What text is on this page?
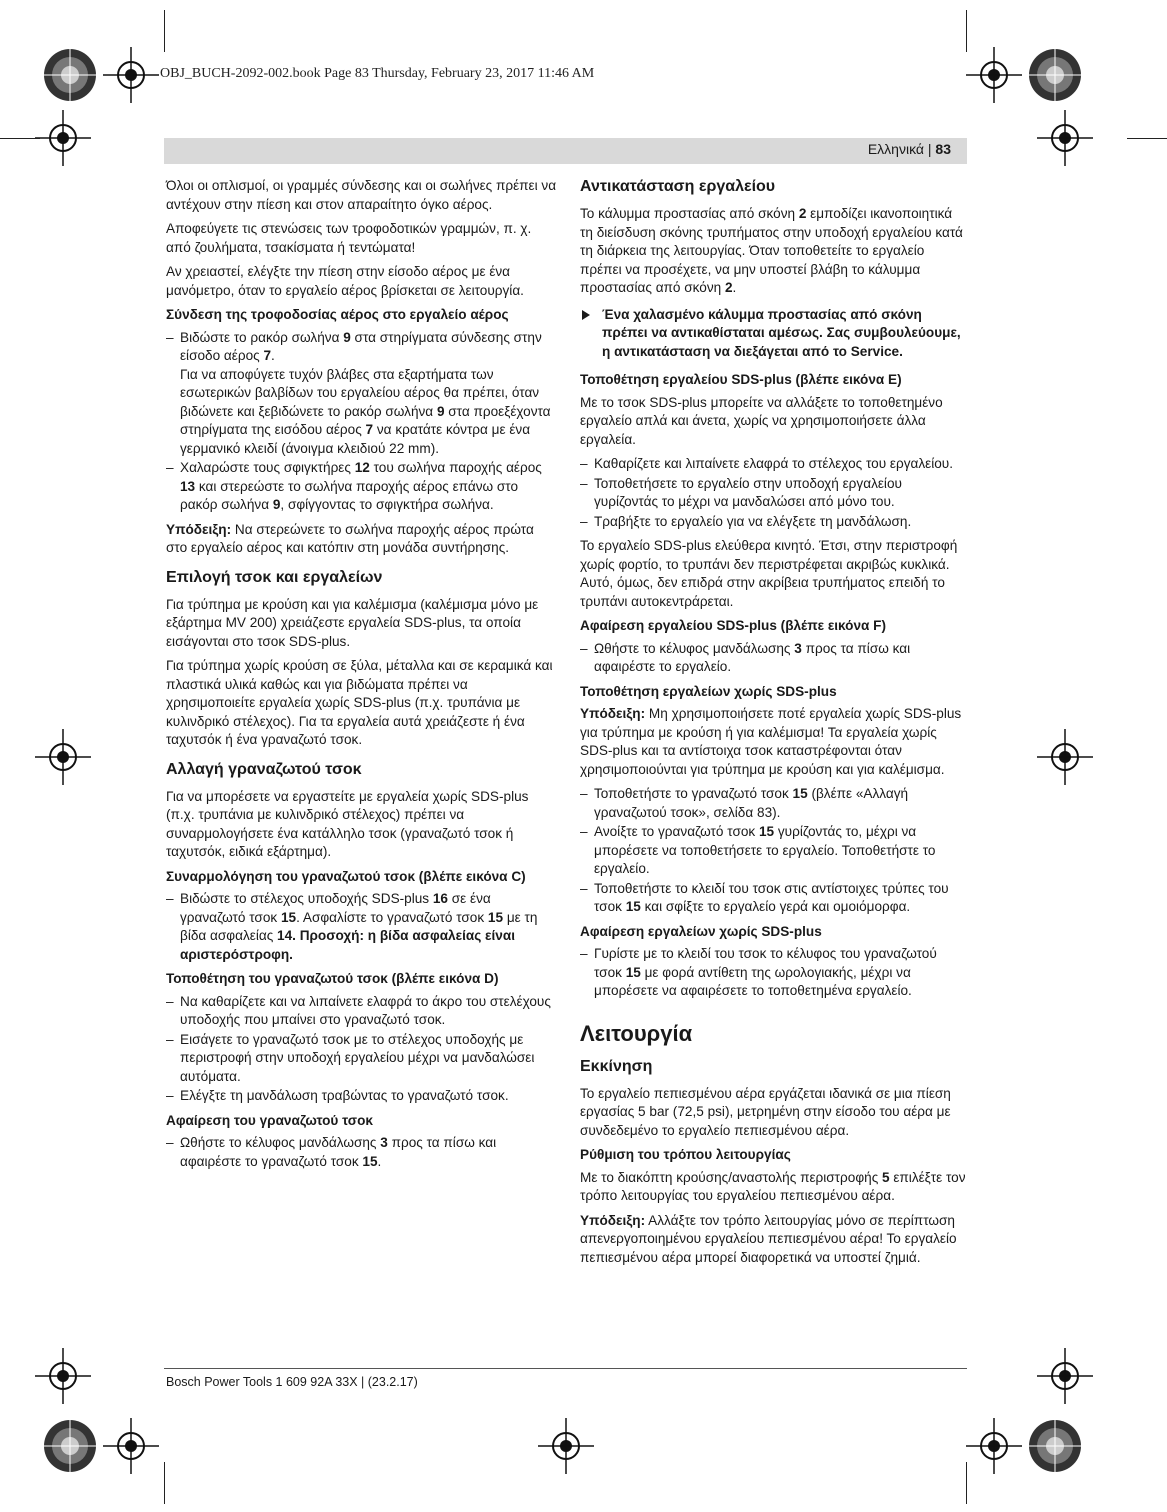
OBJ_BUCH-2092-002.book Page 83 Thursday, February 23, 2017 11:46 AM
Ελληνικά | 83

Όλοι οι οπλισμοί, οι γραμμές σύνδεσης και οι σωλήνες πρέπει να αντέχουν στην πίεση και στον απαραίτητο όγκο αέρος.

Αποφεύγετε τις στενώσεις των τροφοδοτικών γραμμών, π. χ. από ζουλήματα, τσακίσματα ή τεντώματα!

Αν χρειαστεί, ελέγξτε την πίεση στην είσοδο αέρος με ένα μανόμετρο, όταν το εργαλείο αέρος βρίσκεται σε λειτουργία.

Σύνδεση της τροφοδοσίας αέρος στο εργαλείο αέρος
– Βιδώστε το ρακόρ σωλήνα 9 στα στηρίγματα σύνδεσης στην είσοδο αέρος 7.
Για να αποφύγετε τυχόν βλάβες στα εξαρτήματα των εσωτερικών βαλβίδων του εργαλείου αέρος θα πρέπει, όταν βιδώνετε και ξεβιδώνετε το ρακόρ σωλήνα 9 στα προεξέχοντα στηρίγματα της εισόδου αέρος 7 να κρατάτε κόντρα με ένα γερμανικό κλειδί (άνοιγμα κλειδιού 22 mm).
– Χαλαρώστε τους σφιγκτήρες 12 του σωλήνα παροχής αέρος 13 και στερεώστε το σωλήνα παροχής αέρος επάνω στο ρακόρ σωλήνα 9, σφίγγοντας το σφιγκτήρα σωλήνα.

Υπόδειξη: Να στερεώνετε το σωλήνα παροχής αέρος πρώτα στο εργαλείο αέρος και κατόπιν στη μονάδα συντήρησης.

Επιλογή τσοκ και εργαλείων

Για τρύπημα με κρούση και για καλέμισμα (καλέμισμα μόνο με εξάρτημα MV 200) χρειάζεστε εργαλεία SDS-plus, τα οποία εισάγονται στο τσοκ SDS-plus.

Για τρύπημα χωρίς κρούση σε ξύλα, μέταλλα και σε κεραμικά και πλαστικά υλικά καθώς και για βιδώματα πρέπει να χρησιμοποιείτε εργαλεία χωρίς SDS-plus (π.χ. τρυπάνια με κυλινδρικό στέλεχος). Για τα εργαλεία αυτά χρειάζεστε ή ένα ταχυτσόκ ή ένα γραναζωτό τσοκ.

Αλλαγή γραναζωτού τσοκ

Για να μπορέσετε να εργαστείτε με εργαλεία χωρίς SDS-plus (π.χ. τρυπάνια με κυλινδρικό στέλεχος) πρέπει να συναρμολογήσετε ένα κατάλληλο τσοκ (γραναζωτό τσοκ ή ταχυτσόκ, ειδικά εξάρτημα).

Συναρμολόγηση του γραναζωτού τσοκ (βλέπε εικόνα C)
– Βιδώστε το στέλεχος υποδοχής SDS-plus 16 σε ένα γραναζωτό τσοκ 15. Ασφαλίστε το γραναζωτό τσοκ 15 με τη βίδα ασφαλείας 14. Προσοχή: η βίδα ασφαλείας είναι αριστερόστροφη.
Τοποθέτηση του γραναζωτού τσοκ (βλέπε εικόνα D)
– Να καθαρίζετε και να λιπαίνετε ελαφρά το άκρο του στελέχους υποδοχής που μπαίνει στο γραναζωτό τσοκ.
– Εισάγετε το γραναζωτό τσοκ με το στέλεχος υποδοχής με περιστροφή στην υποδοχή εργαλείου μέχρι να μανδαλώσει αυτόματα.
– Ελέγξτε τη μανδάλωση τραβώντας το γραναζωτό τσοκ.
Αφαίρεση του γραναζωτού τσοκ
– Ωθήστε το κέλυφος μανδάλωσης 3 προς τα πίσω και αφαιρέστε το γραναζωτό τσοκ 15.
Αντικατάσταση εργαλείου

Το κάλυμμα προστασίας από σκόνη 2 εμποδίζει ικανοποιητικά τη διείσδυση σκόνης τρυπήματος στην υποδοχή εργαλείου κατά τη διάρκεια της λειτουργίας. Όταν τοποθετείτε το εργαλείο πρέπει να προσέχετε, να μην υποστεί βλάβη το κάλυμμα προστασίας από σκόνη 2.

Ένα χαλασμένο κάλυμμα προστασίας από σκόνη πρέπει να αντικαθίσταται αμέσως. Σας συμβουλεύουμε, η αντικατάσταση να διεξάγεται από το Service.
Τοποθέτηση εργαλείου SDS-plus (βλέπε εικόνα E)

Με το τσοκ SDS-plus μπορείτε να αλλάξετε το τοποθετημένο εργαλείο απλά και άνετα, χωρίς να χρησιμοποιήσετε άλλα εργαλεία.

– Καθαρίζετε και λιπαίνετε ελαφρά το στέλεχος του εργαλείου.
– Τοποθετήσετε το εργαλείο στην υποδοχή εργαλείου γυρίζοντάς το μέχρι να μανδαλώσει από μόνο του.
– Τραβήξτε το εργαλείο για να ελέγξετε τη μανδάλωση.

Το εργαλείο SDS-plus ελεύθερα κινητό. Έτσι, στην περιστροφή χωρίς φορτίο, το τρυπάνι δεν περιστρέφεται ακριβώς κυκλικά. Αυτό, όμως, δεν επιδρά στην ακρίβεια τρυπήματος επειδή το τρυπάνι αυτοκεντράρεται.

Αφαίρεση εργαλείου SDS-plus (βλέπε εικόνα F)
– Ωθήστε το κέλυφος μανδάλωσης 3 προς τα πίσω και αφαιρέστε το εργαλείο.
Τοποθέτηση εργαλείων χωρίς SDS-plus

Υπόδειξη: Μη χρησιμοποιήσετε ποτέ εργαλεία χωρίς SDS-plus για τρύπημα με κρούση ή για καλέμισμα! Τα εργαλεία χωρίς SDS-plus και τα αντίστοιχα τσοκ καταστρέφονται όταν χρησιμοποιούνται για τρύπημα με κρούση και για καλέμισμα.

– Τοποθετήστε το γραναζωτό τσοκ 15 (βλέπε «Αλλαγή γραναζωτού τσοκ», σελίδα 83).
– Ανοίξτε το γραναζωτό τσοκ 15 γυρίζοντάς το, μέχρι να μπορέσετε να τοποθετήσετε το εργαλείο. Τοποθετήστε το εργαλείο.
– Τοποθετήστε το κλειδί του τσοκ στις αντίστοιχες τρύπες του τσοκ 15 και σφίξτε το εργαλείο γερά και ομοιόμορφα.
Αφαίρεση εργαλείων χωρίς SDS-plus
– Γυρίστε με το κλειδί του τσοκ το κέλυφος του γραναζωτού τσοκ 15 με φορά αντίθετη της ωρολογιακής, μέχρι να μπορέσετε να αφαιρέσετε το τοποθετημένα εργαλείο.
Λειτουργία
Εκκίνηση

Το εργαλείο πεπιεσμένου αέρα εργάζεται ιδανικά σε μια πίεση εργασίας 5 bar (72,5 psi), μετρημένη στην είσοδο του αέρα με συνδεδεμένο το εργαλείο πεπιεσμένου αέρα.

Ρύθμιση του τρόπου λειτουργίας

Με το διακόπτη κρούσης/αναστολής περιστροφής 5 επιλέξτε τον τρόπο λειτουργίας του εργαλείου πεπιεσμένου αέρα.

Υπόδειξη: Αλλάξτε τον τρόπο λειτουργίας μόνο σε περίπτωση απενεργοποιημένου εργαλείου πεπιεσμένου αέρα! Το εργαλείο πεπιεσμένου αέρα μπορεί διαφορετικά να υποστεί ζημιά.

Bosch Power Tools 1 609 92A 33X | (23.2.17)
